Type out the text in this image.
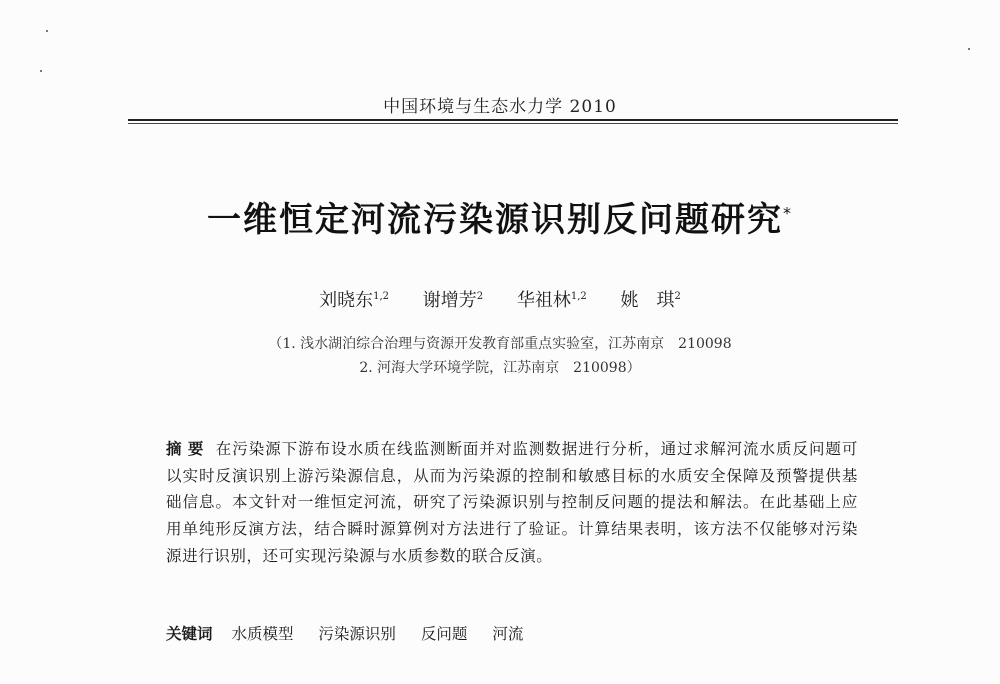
中国环境与生态水力学 2010
一维恒定河流污染源识别反问题研究*
刘晓东$^{1,2}$ 谢增芳$^2$ 华祖林$^{1,2}$ 姚　琪$^2$
（1. 浅水湖泊综合治理与资源开发教育部重点实验室，江苏南京　210098
2. 河海大学环境学院，江苏南京　210098）
摘要 在污染源下游布设水质在线监测断面并对监测数据进行分析，通过求解河流水质反问题可以实时反演识别上游污染源信息，从而为污染源的控制和敏感目标的水质安全保障及预警提供基础信息。本文针对一维恒定河流，研究了污染源识别与控制反问题的提法和解法。在此基础上应用单纯形反演方法，结合瞬时源算例对方法进行了验证。计算结果表明，该方法不仅能够对污染源进行识别，还可实现污染源与水质参数的联合反演。
关键词 水质模型 污染源识别 反问题 河流
